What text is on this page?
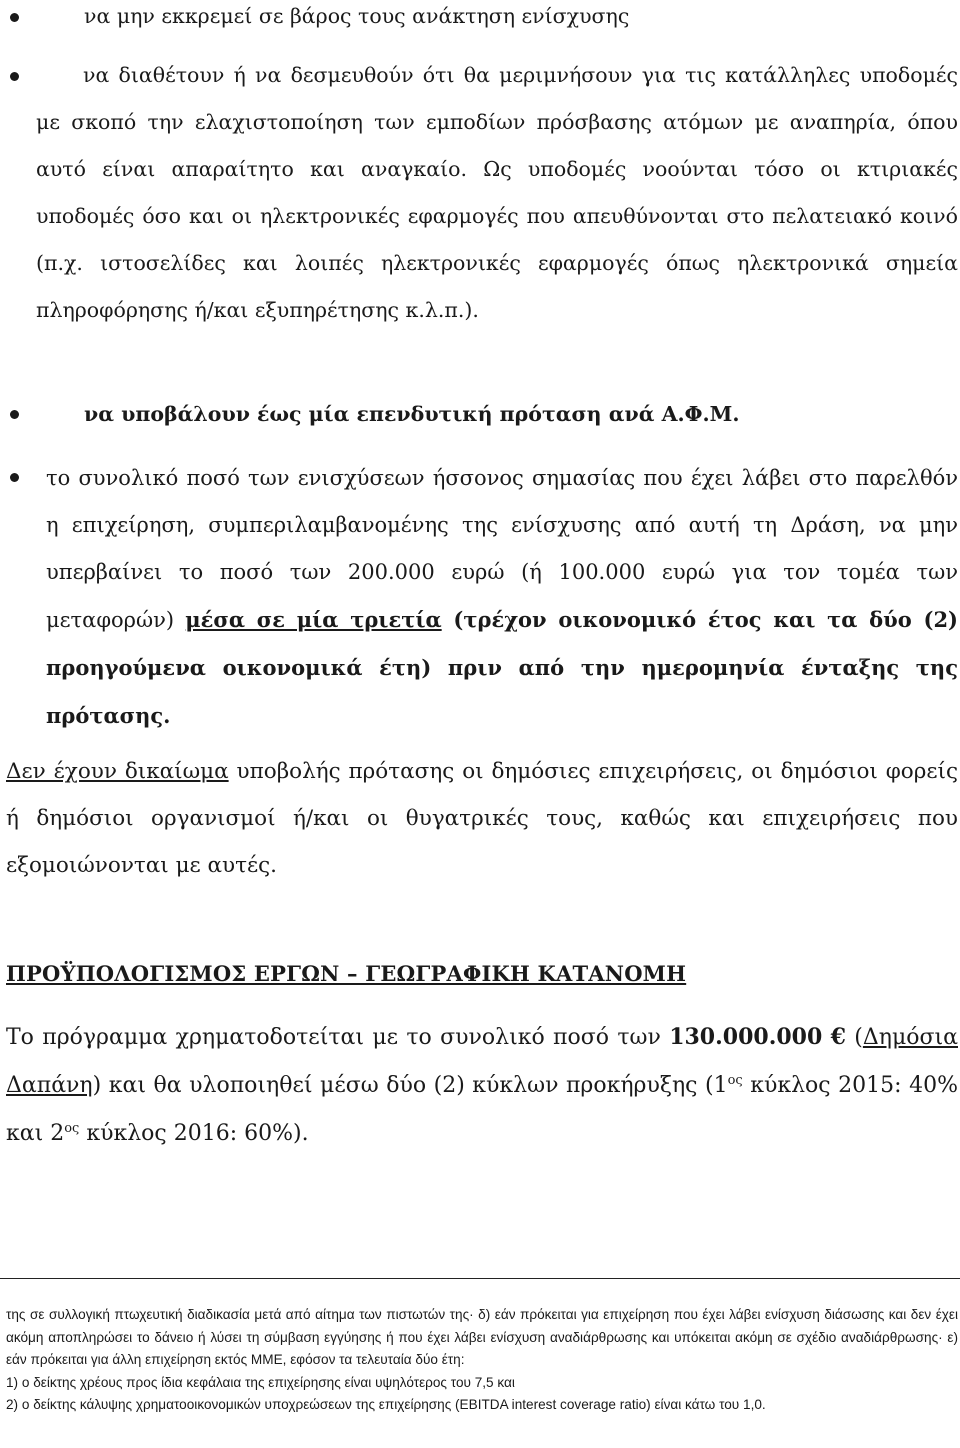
να μην εκκρεμεί σε βάρος τους ανάκτηση ενίσχυσης
να διαθέτουν ή να δεσμευθούν ότι θα μεριμνήσουν για τις κατάλληλες υποδομές με σκοπό την ελαχιστοποίηση των εμποδίων πρόσβασης ατόμων με αναπηρία, όπου αυτό είναι απαραίτητο και αναγκαίο. Ως υποδομές νοούνται τόσο οι κτιριακές υποδομές όσο και οι ηλεκτρονικές εφαρμογές που απευθύνονται στο πελατειακό κοινό (π.χ. ιστοσελίδες και λοιπές ηλεκτρονικές εφαρμογές όπως ηλεκτρονικά σημεία πληροφόρησης ή/και εξυπηρέτησης κ.λ.π.).
να υποβάλουν έως μία επενδυτική πρόταση ανά Α.Φ.Μ.
το συνολικό ποσό των ενισχύσεων ήσσονος σημασίας που έχει λάβει στο παρελθόν η επιχείρηση, συμπεριλαμβανομένης της ενίσχυσης από αυτή τη Δράση, να μην υπερβαίνει το ποσό των 200.000 ευρώ (ή 100.000 ευρώ για τον τομέα των μεταφορών) μέσα σε μία τριετία (τρέχον οικονομικό έτος και τα δύο (2) προηγούμενα οικονομικά έτη) πριν από την ημερομηνία ένταξης της πρότασης.
Δεν έχουν δικαίωμα υποβολής πρότασης οι δημόσιες επιχειρήσεις, οι δημόσιοι φορείς ή δημόσιοι οργανισμοί ή/και οι θυγατρικές τους, καθώς και επιχειρήσεις που εξομοιώνονται με αυτές.
ΠΡΟΫΠΟΛΟΓΙΣΜΟΣ ΕΡΓΩΝ – ΓΕΩΓΡΑΦΙΚΗ ΚΑΤΑΝΟΜΗ
Το πρόγραμμα χρηματοδοτείται με το συνολικό ποσό των 130.000.000 € (Δημόσια Δαπάνη) και θα υλοποιηθεί μέσω δύο (2) κύκλων προκήρυξης ($1^{o\varsigma}$ κύκλος 2015: 40% και $2^{o\varsigma}$ κύκλος 2016: 60%).
της σε συλλογική πτωχευτική διαδικασία μετά από αίτημα των πιστωτών της· δ) εάν πρόκειται για επιχείρηση που έχει λάβει ενίσχυση διάσωσης και δεν έχει ακόμη αποπληρώσει το δάνειο ή λύσει τη σύμβαση εγγύησης ή που έχει λάβει ενίσχυση αναδιάρθρωσης και υπόκειται ακόμη σε σχέδιο αναδιάρθρωσης· ε) εάν πρόκειται για άλλη επιχείρηση εκτός ΜΜΕ, εφόσον τα τελευταία δύο έτη:
1) ο δείκτης χρέους προς ίδια κεφάλαια της επιχείρησης είναι υψηλότερος του 7,5 και
2) ο δείκτης κάλυψης χρηματοοικονομικών υποχρεώσεων της επιχείρησης (EBITDA interest coverage ratio) είναι κάτω του 1,0.
